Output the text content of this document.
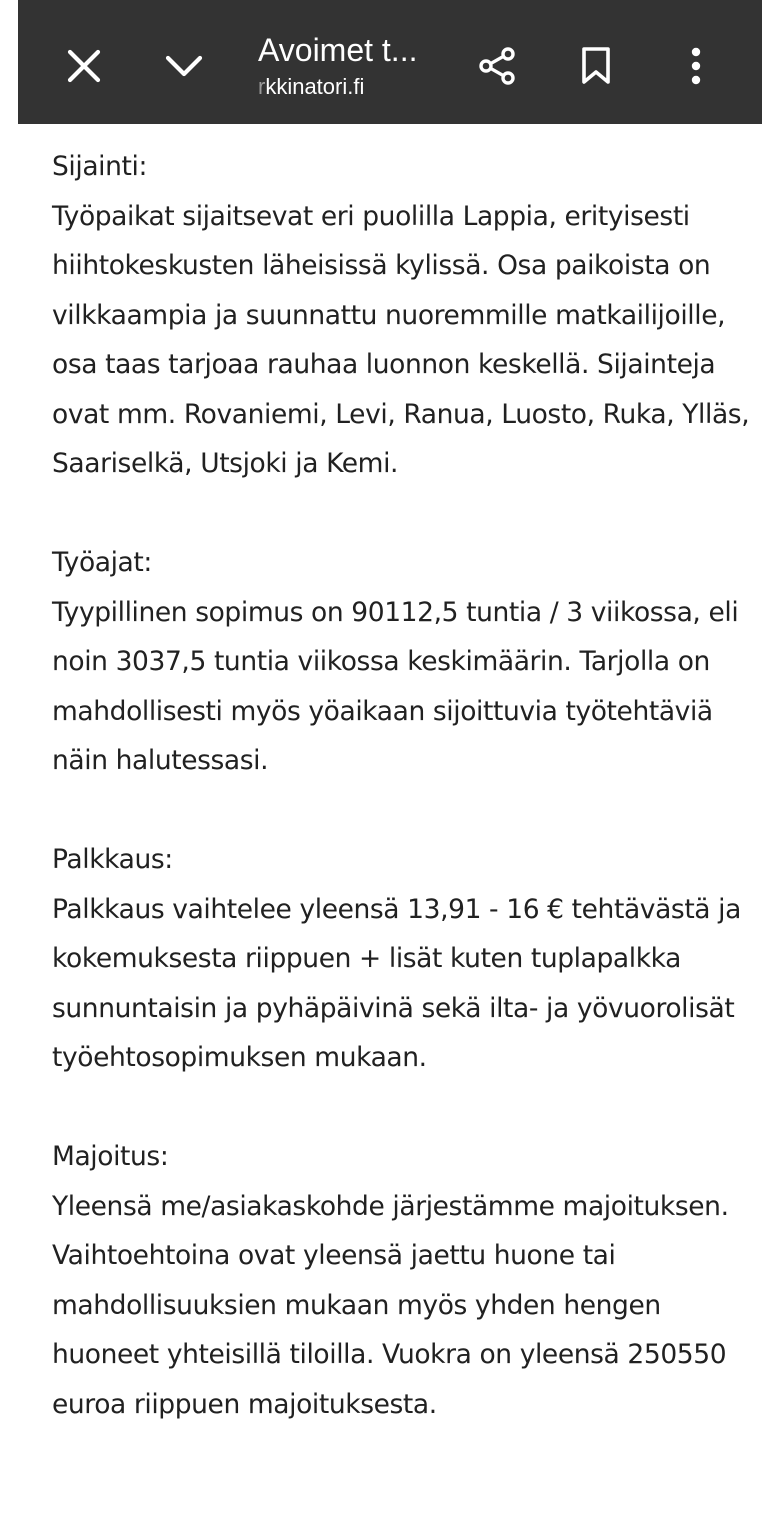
Avoimet t...
rkkinatori.fi

Sijainti:

Työpaikat sijaitsevat eri puolilla Lappia, erityisesti hiihtokeskusten läheisissä kylissä. Osa paikoista on vilkkaampia ja suunnattu nuoremmille matkailijoille, osa taas tarjoaa rauhaa luonnon keskellä. Sijainteja ovat mm. Rovaniemi, Levi, Ranua, Luosto, Ruka, Ylläs, Saariselkä, Utsjoki ja Kemi.

Työajat:

Tyypillinen sopimus on 90112,5 tuntia / 3 viikossa, eli noin 3037,5 tuntia viikossa keskimäärin. Tarjolla on mahdollisesti myös yöaikaan sijoittuvia työtehtäviä näin halutessasi.

Palkkaus:

Palkkaus vaihtelee yleensä 13,91 - 16 € tehtävästä ja kokemuksesta riippuen + lisät kuten tuplapalkka sunnuntaisin ja pyhäpäivinä sekä ilta- ja yövuorolisät työehtosopimuksen mukaan.

Majoitus:

Yleensä me/asiakaskohde järjestämme majoituksen. Vaihtoehtoina ovat yleensä jaettu huone tai mahdollisuuksien mukaan myös yhden hengen huoneet yhteisillä tiloilla. Vuokra on yleensä 250550 euroa riippuen majoituksesta.
